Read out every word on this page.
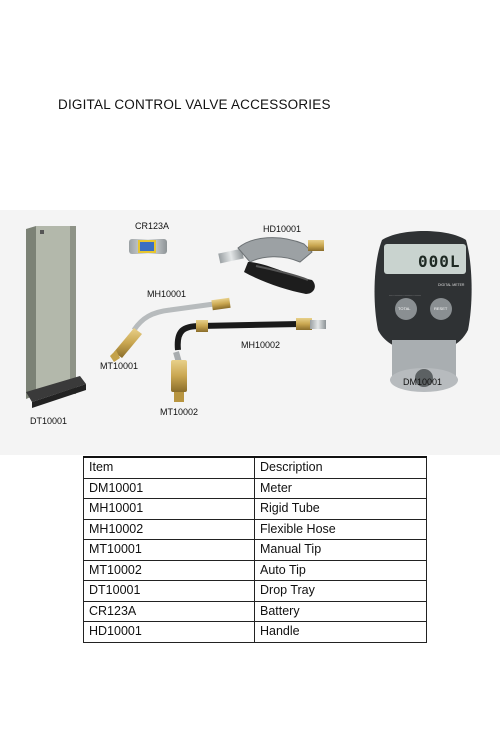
DIGITAL CONTROL VALVE ACCESSORIES
·····························
000L
TOTAL	RESET
DIGITAL METER
CR123A	HD10001
MH10001
MH10002
MT10001
MT10002
DT10001
DM10001
Item	Description
DM10001	Meter
MH10001	Rigid Tube
MH10002	Flexible Hose
MT10001	Manual Tip
MT10002	Auto Tip
DT10001	Drop Tray
CR123A	Battery
HD10001	Handle
